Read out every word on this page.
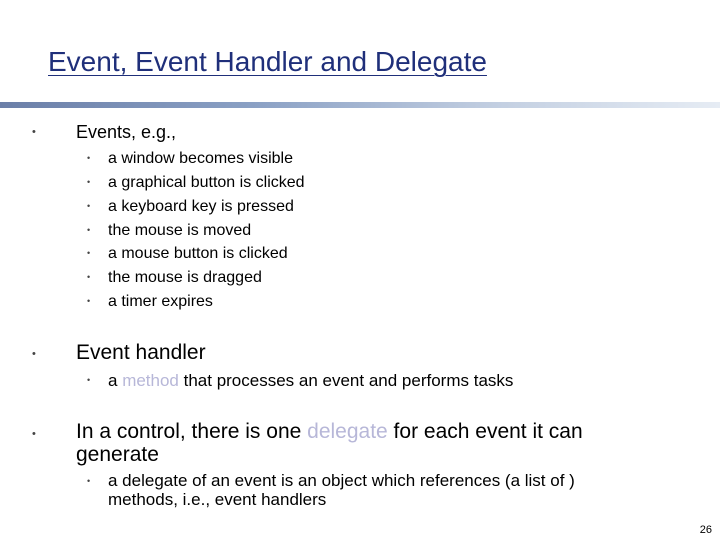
Event, Event Handler and Delegate
• Events, e.g.,
• a window becomes visible
• a graphical button is clicked
• a keyboard key is pressed
• the mouse is moved
• a mouse button is clicked
• the mouse is dragged
• a timer expires
• Event handler
• a method that processes an event and performs tasks
• In a control, there is one delegate for each event it can
generate
• a delegate of an event is an object which references (a list of )
methods, i.e., event handlers
26
